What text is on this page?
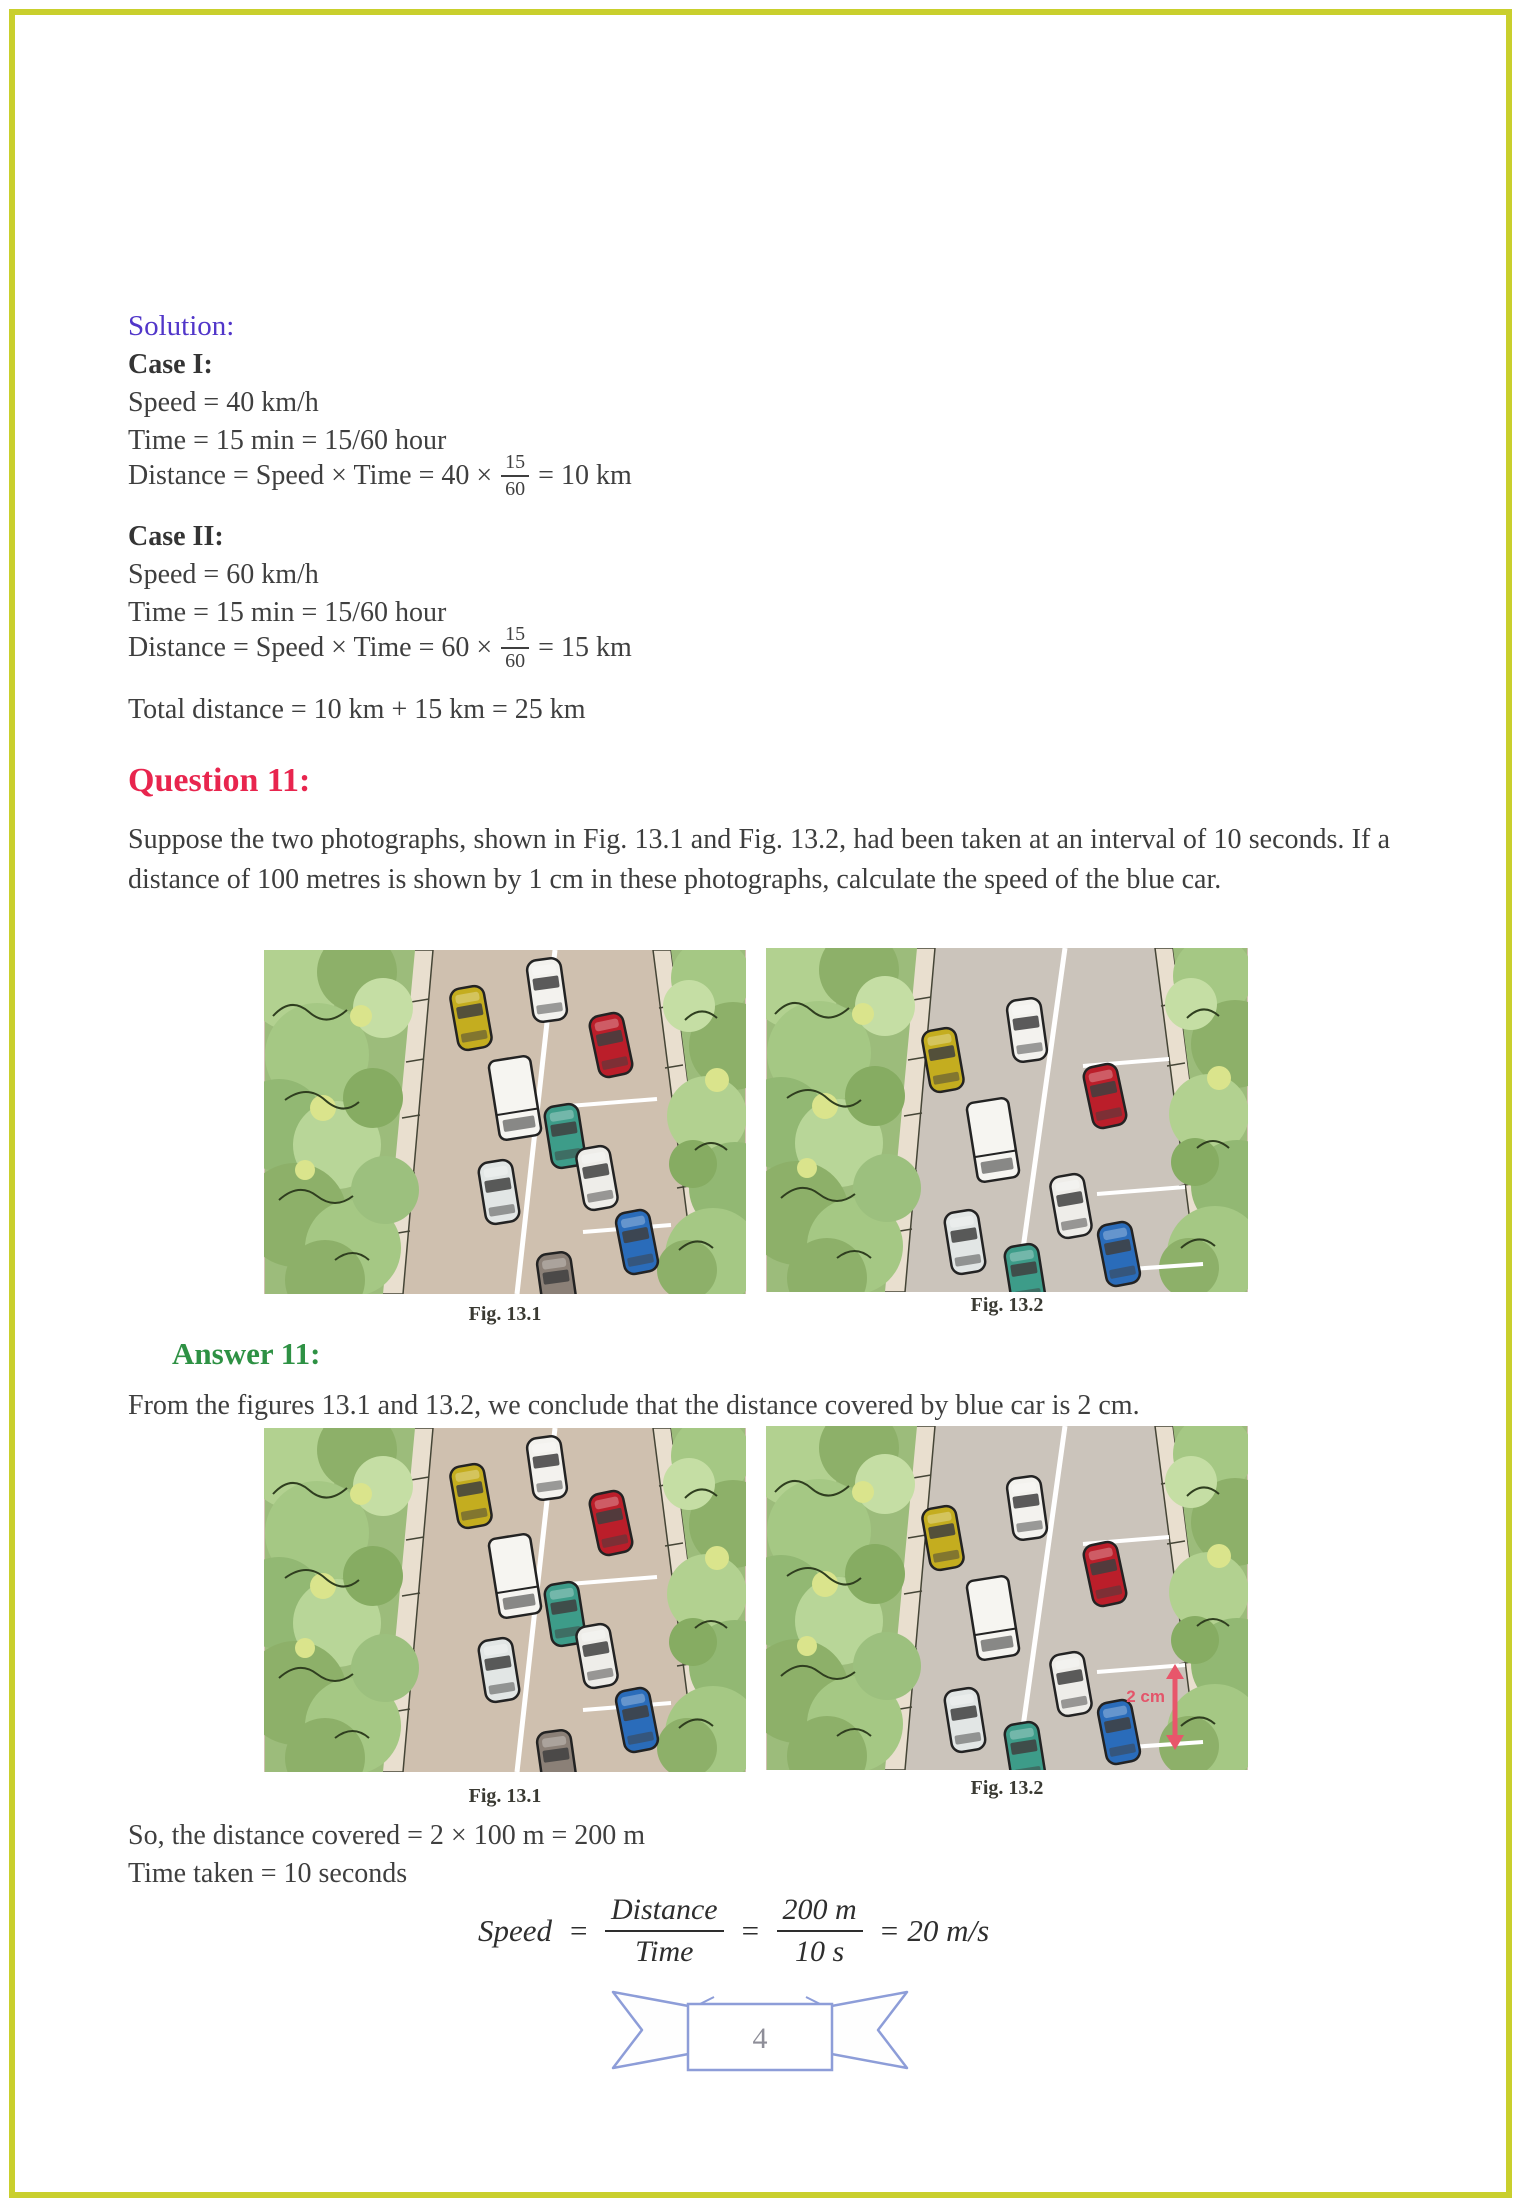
Solution:
Case I:
Speed = 40 km/h
Time = 15 min = 15/60 hour
Distance = Speed × Time = $40 \times \frac{15}{60} = 10$ km
Case II:
Speed = 60 km/h
Time = 15 min = 15/60 hour
Distance = Speed × Time = $60 \times \frac{15}{60} = 15$ km
Total distance = 10 km + 15 km = 25 km
Question 11:
Suppose the two photographs, shown in Fig. 13.1 and Fig. 13.2, had been taken at an interval of 10 seconds. If a distance of 100 metres is shown by 1 cm in these photographs, calculate the speed of the blue car.
Fig. 13.1	Fig. 13.2
Answer 11:
From the figures 13.1 and 13.2, we conclude that the distance covered by blue car is 2 cm.
2 cm
Fig. 13.1	Fig. 13.2
So, the distance covered = 2 × 100 m = 200 m
Time taken = 10 seconds
Speed = $\frac{\text{Distance}}{\text{Time}} = \frac{200 m}{10 s} = 20$ m/s
4
